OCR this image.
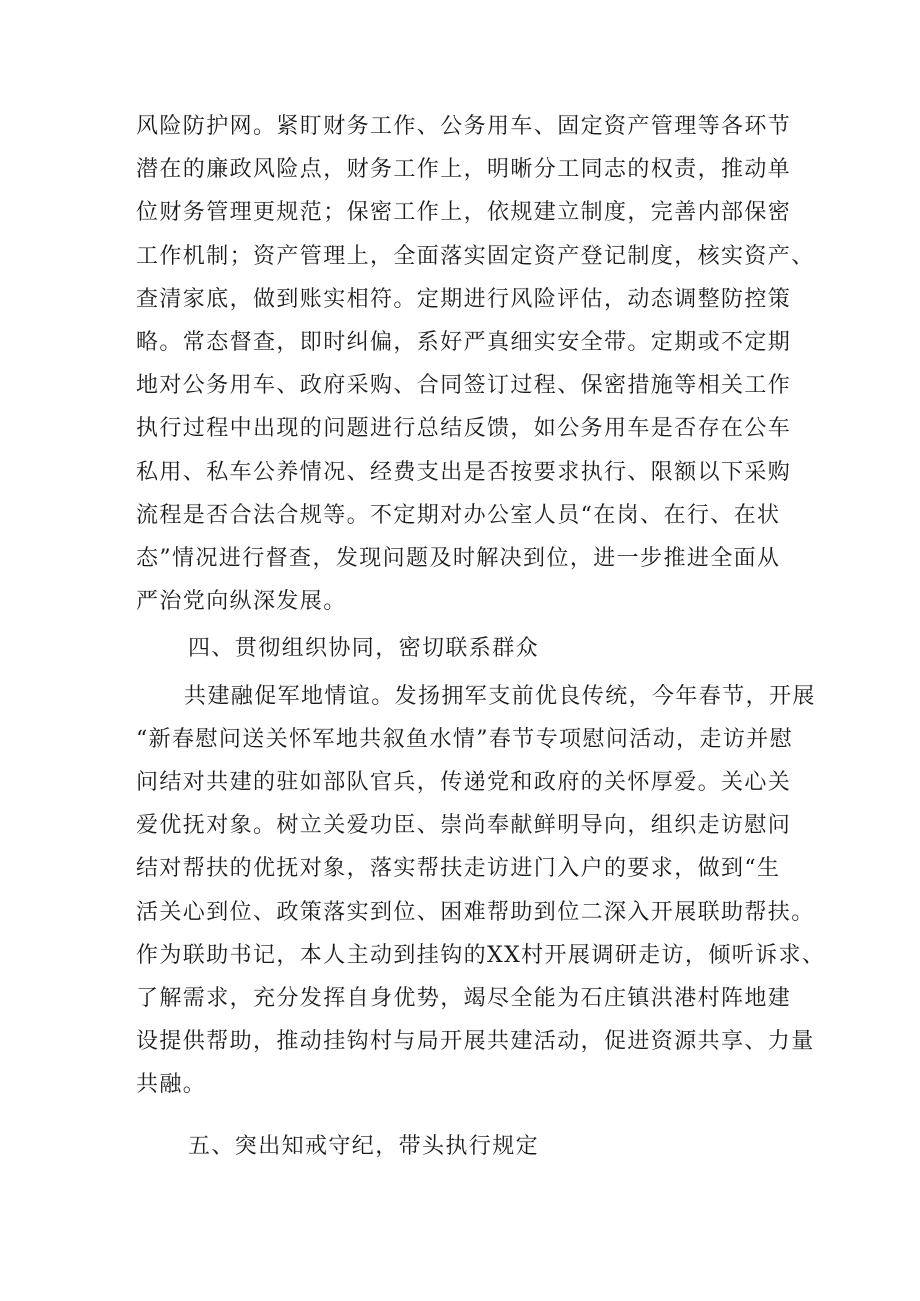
风险防护网。紧盯财务工作、公务用车、固定资产管理等各环节
潜在的廉政风险点，财务工作上，明晰分工同志的权责，推动单
位财务管理更规范；保密工作上，依规建立制度，完善内部保密
工作机制；资产管理上，全面落实固定资产登记制度，核实资产、
查清家底，做到账实相符。定期进行风险评估，动态调整防控策
略。常态督查，即时纠偏，系好严真细实安全带。定期或不定期
地对公务用车、政府采购、合同签订过程、保密措施等相关工作
执行过程中出现的问题进行总结反馈，如公务用车是否存在公车
私用、私车公养情况、经费支出是否按要求执行、限额以下采购
流程是否合法合规等。不定期对办公室人员“在岗、在行、在状
态”情况进行督查，发现问题及时解决到位，进一步推进全面从
严治党向纵深发展。
四、贯彻组织协同，密切联系群众
共建融促军地情谊。发扬拥军支前优良传统，今年春节，开展
“新春慰问送关怀军地共叙鱼水情”春节专项慰问活动，走访并慰
问结对共建的驻如部队官兵，传递党和政府的关怀厚爱。关心关
爱优抚对象。树立关爱功臣、崇尚奉献鲜明导向，组织走访慰问
结对帮扶的优抚对象，落实帮扶走访进门入户的要求，做到“生
活关心到位、政策落实到位、困难帮助到位二深入开展联助帮扶。
作为联助书记，本人主动到挂钩的XX村开展调研走访，倾听诉求、
了解需求，充分发挥自身优势，竭尽全能为石庄镇洪港村阵地建
设提供帮助，推动挂钩村与局开展共建活动，促进资源共享、力量
共融。
五、突出知戒守纪，带头执行规定
